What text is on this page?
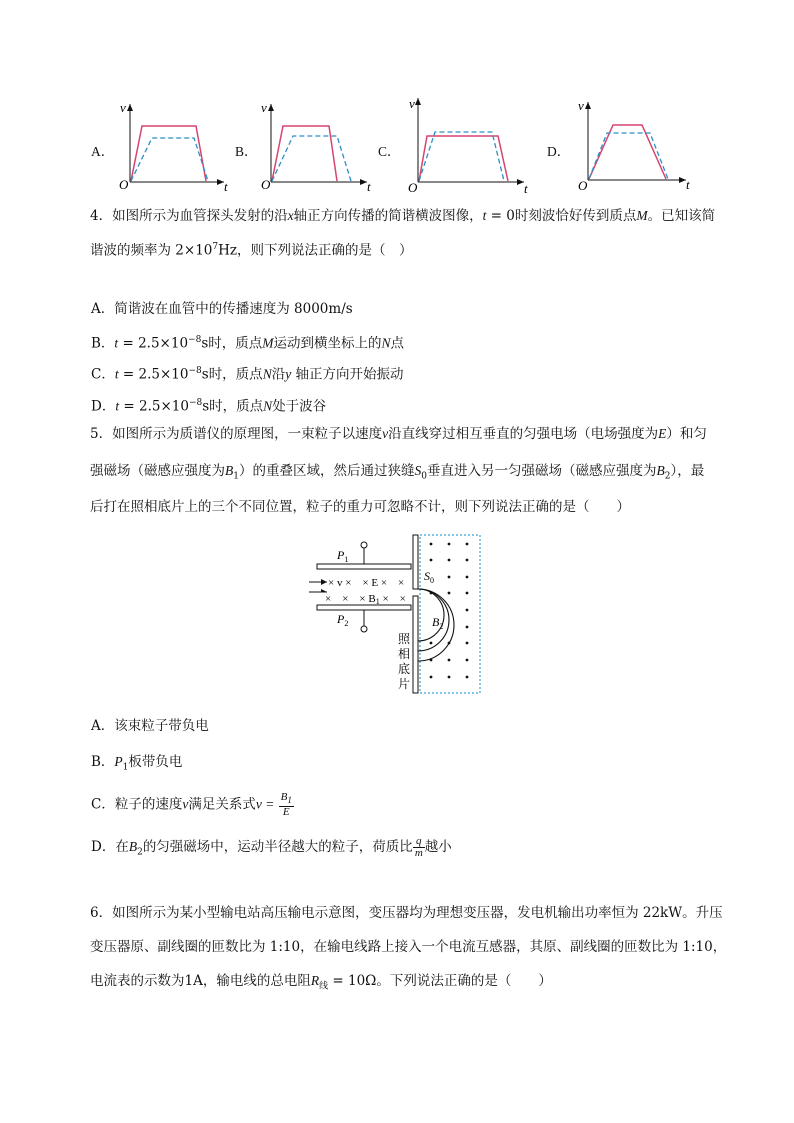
A．
v
t
O
B．
v
t
O
C．
v
t
O
D．
v
t
O
4．如图所示为血管探头发射的沿x轴正方向传播的简谐横波图像，t = 0时刻波恰好传到质点M。已知该简
谐波的频率为 $2\times 10^7Hz$，则下列说法正确的是（　）
A．简谐波在血管中的传播速度为 8000m/s
B．$t = 2.5\times 10^{-8}s$时，质点M运动到横坐标上的N点
C．$t = 2.5\times 10^{-8}s$时，质点N沿y 轴正方向开始振动
D．$t = 2.5\times 10^{-8}s$时，质点N处于波谷
5．如图所示为质谱仪的原理图，一束粒子以速度v沿直线穿过相互垂直的匀强电场（电场强度为E）和匀
强磁场（磁感应强度为$B_1$）的重叠区域，然后通过狭缝$S_0$垂直进入另一匀强磁场（磁感应强度为$B_2$），最
后打在照相底片上的三个不同位置，粒子的重力可忽略不计，则下列说法正确的是（　　）
× v ×　× E ×　×
×　×　× B1 ×　×
$P_1$
$P_2$
$S_0$
$B_2$
照
相
底
片
A．该束粒子带负电
B．$P_1$板带负电
C．粒子的速度v满足关系式$v = \frac{B_1}{E}$
D．在$B_2$的匀强磁场中，运动半径越大的粒子，荷质比 $\frac{q}{m}$ 越小
6．如图所示为某小型输电站高压输电示意图，变压器均为理想变压器，发电机输出功率恒为 22kW。升压
变压器原、副线圈的匝数比为 1:10，在输电线路上接入一个电流互感器，其原、副线圈的匝数比为 1:10，
电流表的示数为1A，输电线的总电阻$R_线 = 10\Omega$。下列说法正确的是（　　）
